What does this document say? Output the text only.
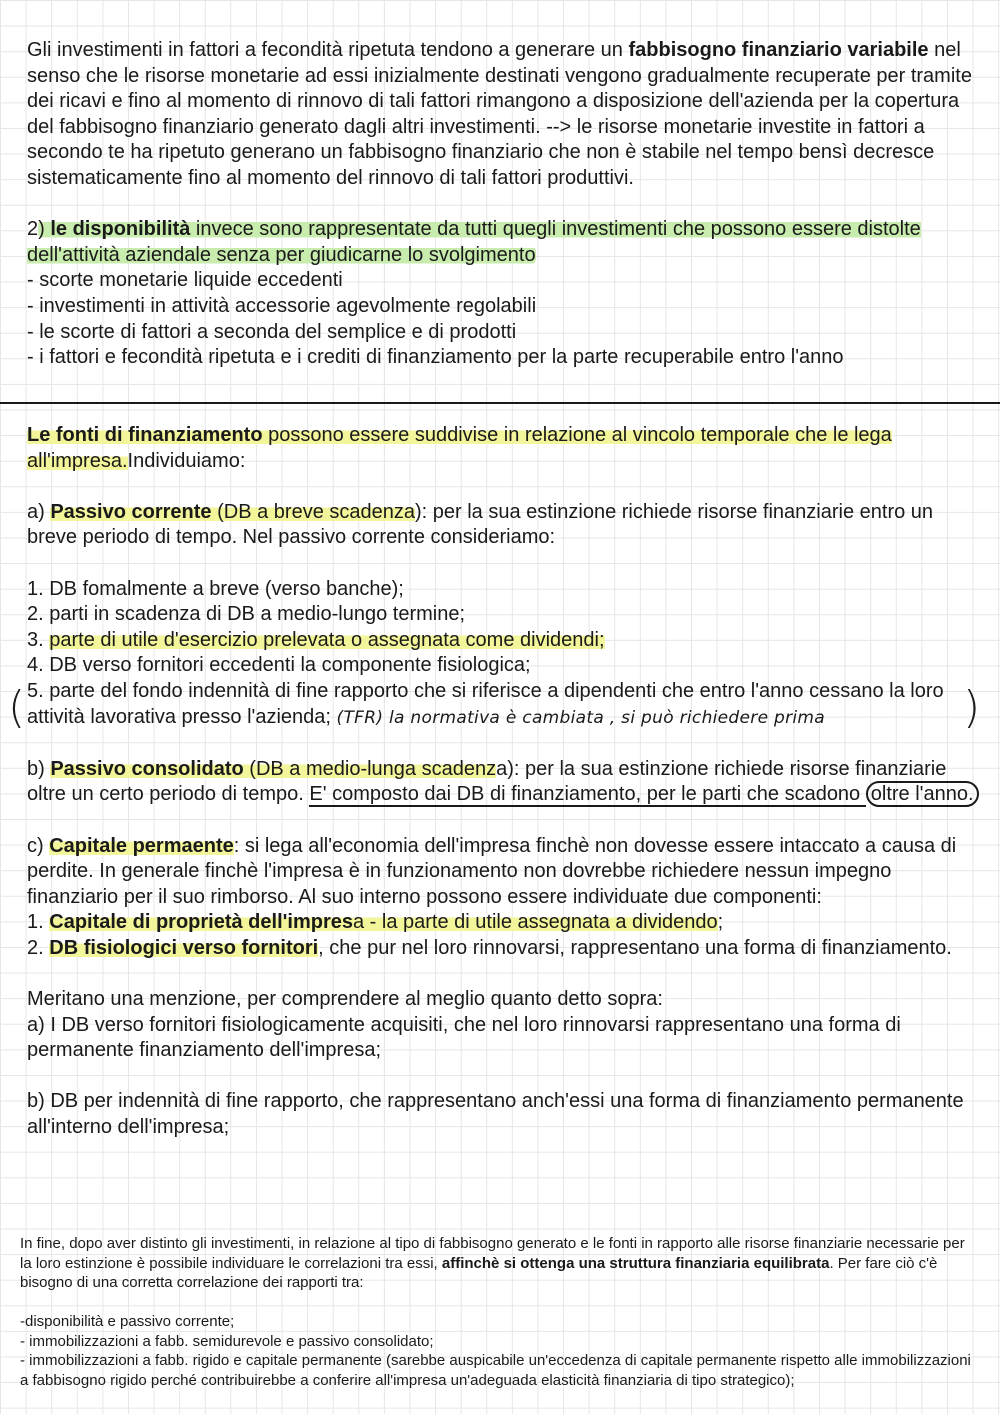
Gli investimenti in fattori a fecondità ripetuta tendono a generare un fabbisogno finanziario variabile nel senso che le risorse monetarie ad essi inizialmente destinati vengono gradualmente recuperate per tramite dei ricavi e fino al momento di rinnovo di tali fattori rimangono a disposizione dell'azienda per la copertura del fabbisogno finanziario generato dagli altri investimenti. --> le risorse monetarie investite in fattori a secondo te ha ripetuto generano un fabbisogno finanziario che non è stabile nel tempo bensì decresce sistematicamente fino al momento del rinnovo di tali fattori produttivi.

2) le disponibilità invece sono rappresentate da tutti quegli investimenti che possono essere distolte dell'attività aziendale senza per giudicarne lo svolgimento

- scorte monetarie liquide eccedenti

- investimenti in attività accessorie agevolmente regolabili

- le scorte di fattori a seconda del semplice e di prodotti

- i fattori e fecondità ripetuta e i crediti di finanziamento per la parte recuperabile entro l'anno

Le fonti di finanziamento possono essere suddivise in relazione al vincolo temporale che le lega all'impresa.Individuiamo:

a) Passivo corrente (DB a breve scadenza): per la sua estinzione richiede risorse finanziarie entro un breve periodo di tempo. Nel passivo corrente consideriamo:

1. DB fomalmente a breve (verso banche);

2. parti in scadenza di DB a medio-lungo termine;

3. parte di utile d'esercizio prelevata o assegnata come dividendi;

4. DB verso fornitori eccedenti la componente fisiologica;

5. parte del fondo indennità di fine rapporto che si riferisce a dipendenti che entro l'anno cessano la loro attività lavorativa presso l'azienda; (TFR) la normativa è cambiata , si può richiedere prima

b) Passivo consolidato (DB a medio-lunga scadenza): per la sua estinzione richiede risorse finanziarie oltre un certo periodo di tempo. E' composto dai DB di finanziamento, per le parti che scadono oltre l'anno.

c) Capitale permaente: si lega all'economia dell'impresa finchè non dovesse essere intaccato a causa di perdite. In generale finchè l'impresa è in funzionamento non dovrebbe richiedere nessun impegno finanziario per il suo rimborso. Al suo interno possono essere individuate due componenti:

1. Capitale di proprietà dell'impresa - la parte di utile assegnata a dividendo;

2. DB fisiologici verso fornitori, che pur nel loro rinnovarsi, rappresentano una forma di finanziamento.

Meritano una menzione, per comprendere al meglio quanto detto sopra:

a) I DB verso fornitori fisiologicamente acquisiti, che nel loro rinnovarsi rappresentano una forma di permanente finanziamento dell'impresa;

b) DB per indennità di fine rapporto, che rappresentano anch'essi una forma di finanziamento permanente all'interno dell'impresa;

(	)

In fine, dopo aver distinto gli investimenti, in relazione al tipo di fabbisogno generato e le fonti in rapporto alle risorse finanziarie necessarie per la loro estinzione è possibile individuare le correlazioni tra essi, affinchè si ottenga una struttura finanziaria equilibrata. Per fare ciò c'è bisogno di una corretta correlazione dei rapporti tra:

-disponibilità e passivo corrente;

- immobilizzazioni a fabb. semidurevole e passivo consolidato;

- immobilizzazioni a fabb. rigido e capitale permanente (sarebbe auspicabile un'eccedenza di capitale permanente rispetto alle immobilizzazioni a fabbisogno rigido perché contribuirebbe a conferire all'impresa un'adeguada elasticità finanziaria di tipo strategico);
